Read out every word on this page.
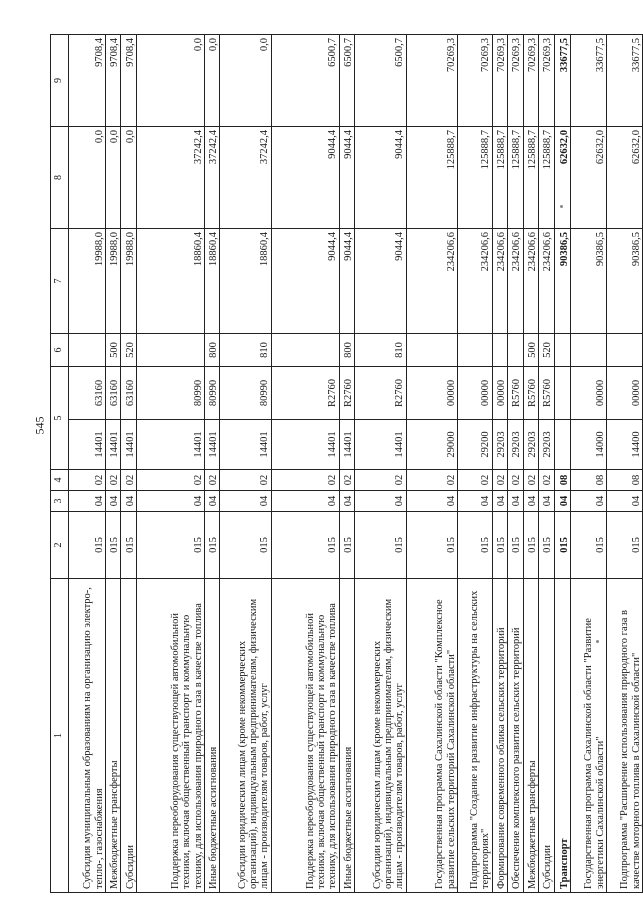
545
1	2	3	4	5		6	7	8	9
Субсидия муниципальным образованиям на организацию электро-, тепло-, газоснабжения	015	04	02	14401	63160		19988,0	0,0	9708,4
Межбюджетные трансферты	015	04	02	14401	63160	500	19988,0	0,0	9708,4
Субсидии	015	04	02	14401	63160	520	19988,0	0,0	9708,4
Поддержка переоборудования существующей автомобильной техники, включая общественный транспорт и коммунальную технику, для использования природного газа в качестве топлива	015	04	02	14401	80990		18860,4	37242,4	0,0
Иные бюджетные ассигнования	015	04	02	14401	80990	800	18860,4	37242,4	0,0
Субсидии юридическим лицам (кроме некоммерческих организаций), индивидуальным предпринимателям, физическим лицам - производителям товаров, работ, услуг	015	04	02	14401	80990	810	18860,4	37242,4	0,0
Поддержка переоборудования существующей автомобильной техники, включая общественный транспорт и коммунальную технику, для использования природного газа в качестве топлива	015	04	02	14401	R2760		9044,4	9044,4	6500,7
Иные бюджетные ассигнования	015	04	02	14401	R2760	800	9044,4	9044,4	6500,7
Субсидии юридическим лицам (кроме некоммерческих организаций), индивидуальным предпринимателям, физическим лицам - производителям товаров, работ, услуг	015	04	02	14401	R2760	810	9044,4	9044,4	6500,7
Государственная программа Сахалинской области "Комплексное развитие сельских территорий Сахалинской области"	015	04	02	29000	00000		234206,6	125888,7	70269,3
Подпрограмма "Создание и развитие инфраструктуры на сельских территориях"	015	04	02	29200	00000		234206,6	125888,7	70269,3
Формирование современного облика сельских территорий	015	04	02	29203	00000		234206,6	125888,7	70269,3
Обеспечение комплексного развития сельских территорий	015	04	02	29203	R5760		234206,6	125888,7	70269,3
Межбюджетные трансферты	015	04	02	29203	R5760	500	234206,6	125888,7	70269,3
Субсидии	015	04	02	29203	R5760	520	234206,6	125888,7	70269,3
Транспорт	015	04	08				90386,5	62632,0	33677,5
Государственная программа Сахалинской области "Развитие энергетики Сахалинской области"	015	04	08	14000	00000		90386,5	62632,0	33677,5
Подпрограмма "Расширение использования природного газа в качестве моторного топлива в Сахалинской области"	015	04	08	14400	00000		90386,5	62632,0	33677,5
